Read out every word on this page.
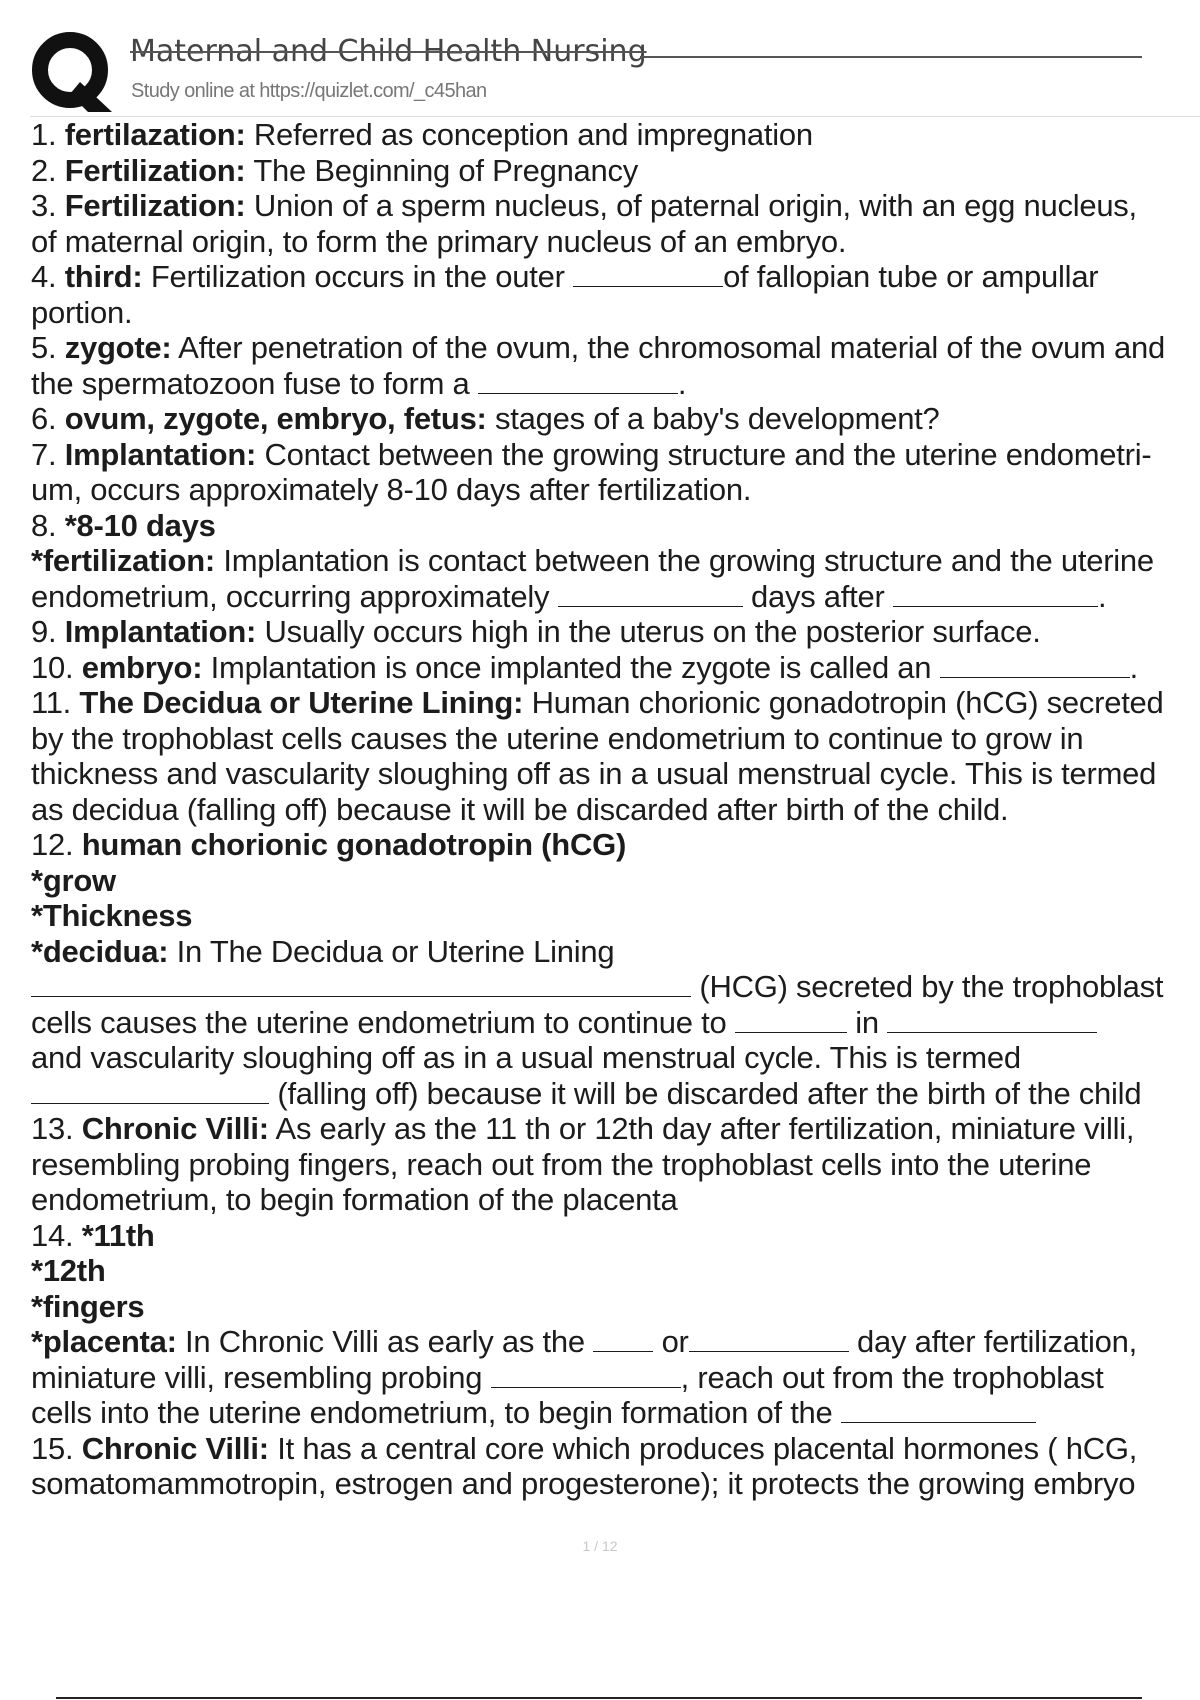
Maternal and Child Health Nursing
Study online at https://quizlet.com/_c45han
1. fertilazation: Referred as conception and impregnation
2. Fertilization: The Beginning of Pregnancy
3. Fertilization: Union of a sperm nucleus, of paternal origin, with an egg nucleus,
of maternal origin, to form the primary nucleus of an embryo.
4. third: Fertilization occurs in the outer	of fallopian tube or ampullar
portion.
5. zygote: After penetration of the ovum, the chromosomal material of the ovum and
the spermatozoon fuse to form a	.
6. ovum, zygote, embryo, fetus: stages of a baby's development?
7. Implantation: Contact between the growing structure and the uterine endometri-
um, occurs approximately 8-10 days after fertilization.
8. *8-10 days
*fertilization: Implantation is contact between the growing structure and the uterine
endometrium, occurring approximately	days after	.
9. Implantation: Usually occurs high in the uterus on the posterior surface.
10. embryo: Implantation is once implanted the zygote is called an	.
11. The Decidua or Uterine Lining: Human chorionic gonadotropin (hCG) secreted
by the trophoblast cells causes the uterine endometrium to continue to grow in
thickness and vascularity sloughing off as in a usual menstrual cycle. This is termed
as decidua (falling off) because it will be discarded after birth of the child.
12. human chorionic gonadotropin (hCG)
*grow
*Thickness
*decidua: In The Decidua or Uterine Lining
(HCG) secreted by the trophoblast
cells causes the uterine endometrium to continue to	in
and vascularity sloughing off as in a usual menstrual cycle. This is termed
(falling off) because it will be discarded after the birth of the child
13. Chronic Villi: As early as the 11 th or 12th day after fertilization, miniature villi,
resembling probing fingers, reach out from the trophoblast cells into the uterine
endometrium, to begin formation of the placenta
14. *11th
*12th
*fingers
*placenta: In Chronic Villi as early as the  or	day after fertilization,
miniature villi, resembling probing	, reach out from the trophoblast
cells into the uterine endometrium, to begin formation of the
15. Chronic Villi: It has a central core which produces placental hormones ( hCG,
somatomammotropin, estrogen and progesterone); it protects the growing embryo
1 / 12
